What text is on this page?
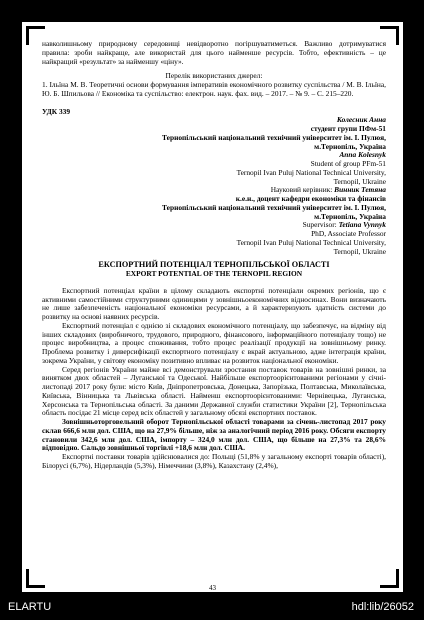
навколишньому природному середовищі невідворотно погіршуватиметься. Важливо дотримуватися правила: зроби найкраще, але використай для цього найменше ресурсів. Тобто, ефективність – це найкращий «результат» за найменшу «ціну».

Перелік використаних джерел:

1. Ільїна М. В. Теоретичні основи формування імперативів економічного розвитку суспільства / М. В. Ільїна, Ю. Б. Шпильова // Економіка та суспільство: електрон. наук. фах. вид. – 2017. – № 9. – С. 215–220.

УДК 339

Колесник Анна

студент групи ПФм-51

Тернопільський національний технічний університет ім. І. Пулюя,

м.Тернопіль, Україна

Anna Kolesnyk

Student of group PFm-51

Ternopil Ivan Puluj National Technical University,

Ternopil, Ukraine

Науковий керівник: Винник Тетяна

к.е.н., доцент кафедри економіки та фінансів

Тернопільський національний технічний університет ім. І. Пулюя,

м.Тернопіль, Україна

Supervisor: Tetiana Vynnyk

PhD, Associate Professor

Ternopil Ivan Puluj National Technical University,

Ternopil, Ukraine

ЕКСПОРТНИЙ ПОТЕНЦІАЛ ТЕРНОПІЛЬСЬКОЇ ОБЛАСТІ

EXPORT POTENTIAL OF THE TERNOPIL REGION

Експортний потенціал країни в цілому складають експортні потенціали окремих регіонів, що є активними самостійними структурними одиницями у зовнішньоекономічних відносинах. Вони визначають не лише забезпеченість національної економіки ресурсами, а й характеризують здатність системи до розвитку на основі наявних ресурсів.

Експортний потенціал є однією зі складових економічного потенціалу, що забезпечує, на відміну від інших складових (виробничого, трудового, природного, фінансового, інформаційного потенціалу тощо) не процес виробництва, а процес споживання, тобто процес реалізації продукції на зовнішньому ринку. Проблема розвитку і диверсифікації експортного потенціалу є вкрай актуальною, адже інтеграція країни, зокрема України, у світову економіку позитивно впливає на розвиток національної економіки.

Серед регіонів України майже всі демонстрували зростання поставок товарів на зовнішні ринки, за винятком двох областей – Луганської та Одеської. Найбільше експортоорієнтованими регіонами у січні-листопаді 2017 року були: місто Київ, Дніпропетровська, Донецька, Запорізька, Полтавська, Миколаївська, Київська, Вінницька та Львівська області. Найменш експортоорієнтованими: Чернівецька, Луганська, Херсонська та Тернопільська області. За даними Державної служби статистики України [2], Тернопільська область посідає 21 місце серед всіх областей у загальному обсязі експортних поставок.

Зовнішньоторговельний оборот Тернопільської області товарами за січень-листопад 2017 року склав 666,6 млн дол. США, що на 27,9% більше, ніж за аналогічний період 2016 року. Обсяги експорту становили 342,6 млн дол. США, імпорту – 324,0 млн дол. США, що більше на 27,3% та 28,6% відповідно. Сальдо зовнішньої торгівлі +18,6 млн дол. США.

Експортні поставки товарів здійснювалися до: Польщі (51,8% у загальному експорті товарів області), Білорусі (6,7%), Нідерландів (5,3%), Німеччини (3,8%), Казахстану (2,4%),

43
ELARTU	hdl:lib/26052
